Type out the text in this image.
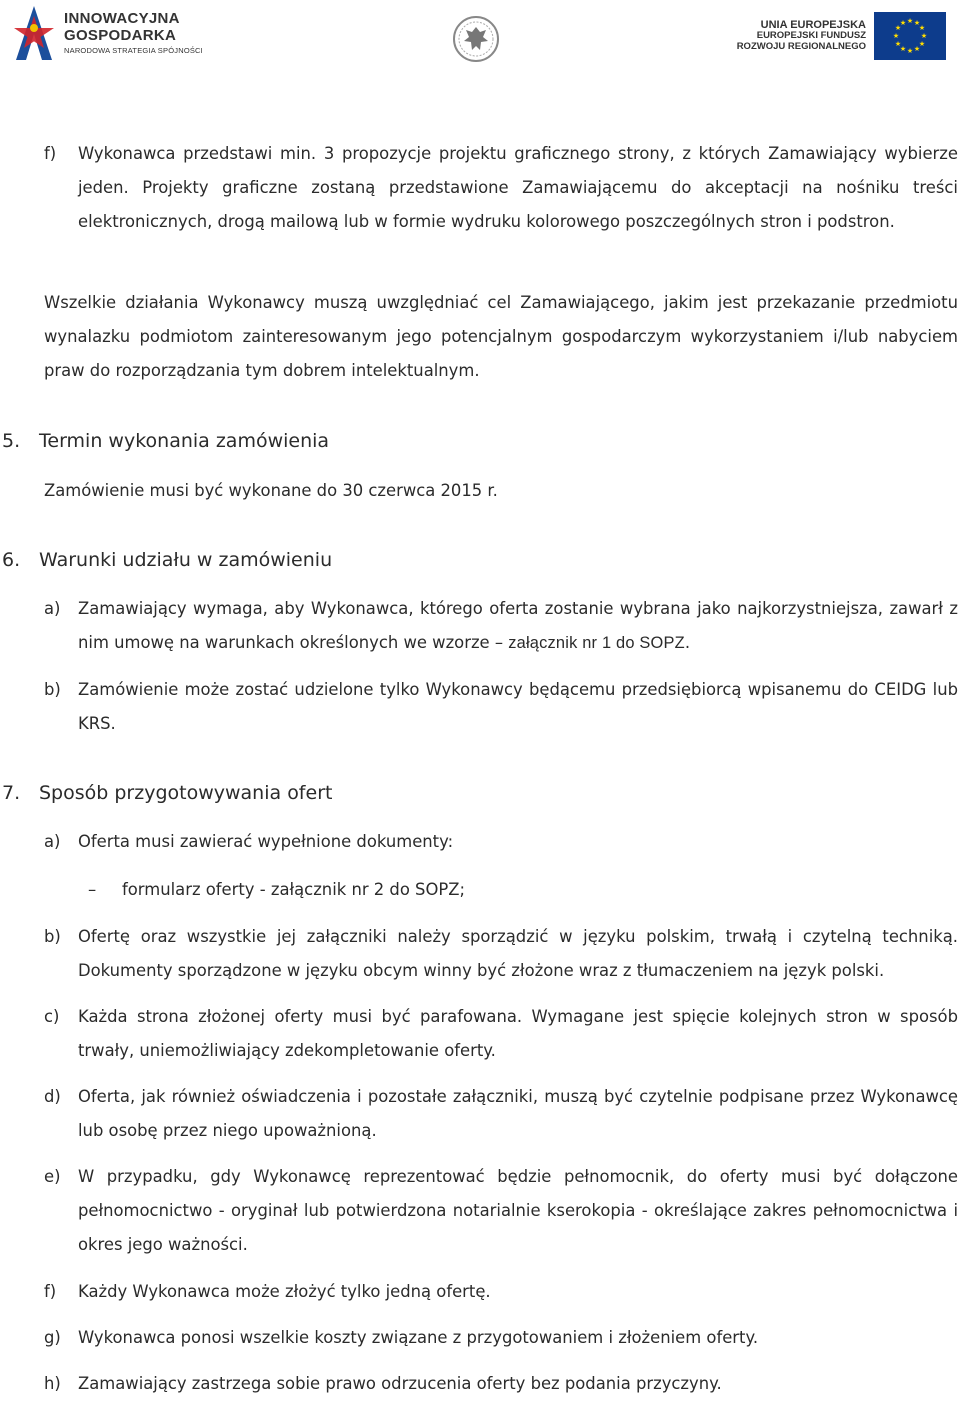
INNOWACYJNA
GOSPODARKA
NARODOWA STRATEGIA SPÓJNOŚCI
UNIA EUROPEJSKA
EUROPEJSKI FUNDUSZ
ROZWOJU REGIONALNEGO
★ ★
★
★
★
★
★
★
★
★
★
★
f) Wykonawca przedstawi min. 3 propozycje projektu graficznego strony, z których Zamawiający wybierze jeden. Projekty graficzne zostaną przedstawione Zamawiającemu do akceptacji na nośniku treści elektronicznych, drogą mailową lub w formie wydruku kolorowego poszczególnych stron i podstron.
Wszelkie działania Wykonawcy muszą uwzględniać cel Zamawiającego, jakim jest przekazanie przedmiotu wynalazku podmiotom zainteresowanym jego potencjalnym gospodarczym wykorzystaniem i/lub nabyciem praw do rozporządzania tym dobrem intelektualnym.
5. Termin wykonania zamówienia
Zamówienie musi być wykonane do 30 czerwca 2015 r.
6. Warunki udziału w zamówieniu
a) Zamawiający wymaga, aby Wykonawca, którego oferta zostanie wybrana jako najkorzystniejsza, zawarł z nim umowę na warunkach określonych we wzorze – załącznik nr 1 do SOPZ.
b) Zamówienie może zostać udzielone tylko Wykonawcy będącemu przedsiębiorcą wpisanemu do CEIDG lub KRS.
7. Sposób przygotowywania ofert
a) Oferta musi zawierać wypełnione dokumenty:
– formularz oferty - załącznik nr 2 do SOPZ;
b) Ofertę oraz wszystkie jej załączniki należy sporządzić w języku polskim, trwałą i czytelną techniką. Dokumenty sporządzone w języku obcym winny być złożone wraz z tłumaczeniem na język polski.
c) Każda strona złożonej oferty musi być parafowana. Wymagane jest spięcie kolejnych stron w sposób trwały, uniemożliwiający zdekompletowanie oferty.
d) Oferta, jak również oświadczenia i pozostałe załączniki, muszą być czytelnie podpisane przez Wykonawcę lub osobę przez niego upoważnioną.
e) W przypadku, gdy Wykonawcę reprezentować będzie pełnomocnik, do oferty musi być dołączone pełnomocnictwo - oryginał lub potwierdzona notarialnie kserokopia - określające zakres pełnomocnictwa i okres jego ważności.
f) Każdy Wykonawca może złożyć tylko jedną ofertę.
g) Wykonawca ponosi wszelkie koszty związane z przygotowaniem i złożeniem oferty.
h) Zamawiający zastrzega sobie prawo odrzucenia oferty bez podania przyczyny.
